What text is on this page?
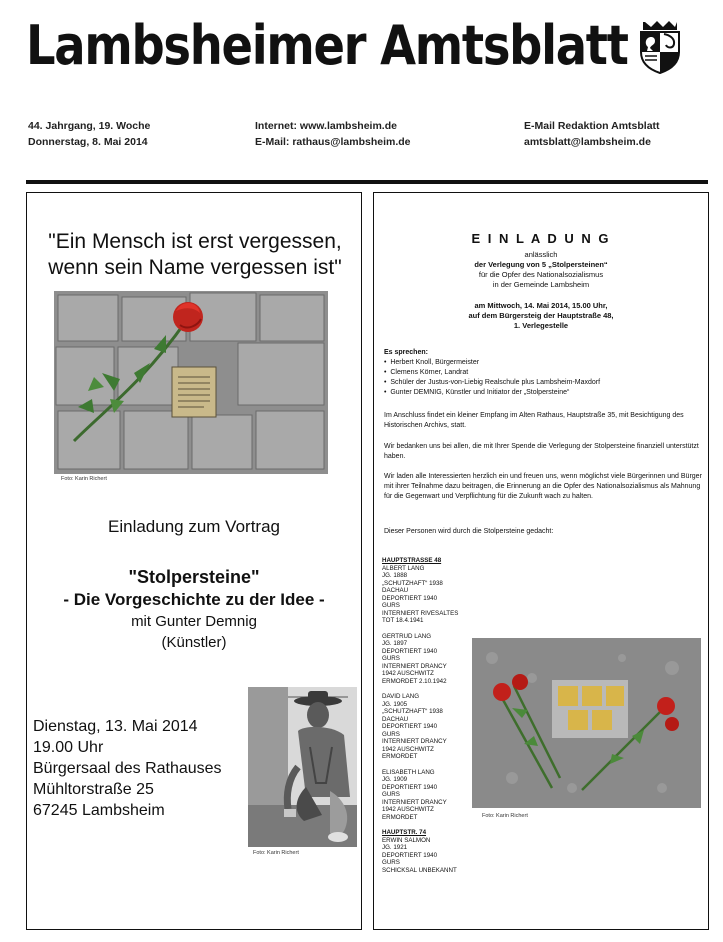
Lambsheimer Amtsblatt
44. Jahrgang, 19. Woche
Donnerstag, 8. Mai 2014
Internet: www.lambsheim.de
E-Mail: rathaus@lambsheim.de
E-Mail Redaktion Amtsblatt
amtsblatt@lambsheim.de
"Ein Mensch ist erst vergessen,
wenn sein Name vergessen ist"
Foto: Karin Richert
Einladung zum Vortrag
"Stolpersteine"
- Die Vorgeschichte zu der Idee -
mit Gunter Demnig
(Künstler)
Dienstag, 13. Mai 2014
19.00 Uhr
Bürgersaal des Rathauses
Mühltorstraße 25
67245 Lambsheim
Foto: Karin Richert
E I N L A D U N G
anlässlich
der Verlegung von 5 „Stolpersteinen“
für die Opfer des Nationalsozialismus
in der Gemeinde Lambsheim
am Mittwoch, 14. Mai 2014, 15.00 Uhr,
auf dem Bürgersteig der Hauptstraße 48,
1. Verlegestelle
Es sprechen:
•  Herbert Knoll, Bürgermeister
•  Clemens Körner, Landrat
•  Schüler der Justus-von-Liebig Realschule plus Lambsheim-Maxdorf
•  Gunter DEMNIG, Künstler und Initiator der „Stolpersteine“
Im Anschluss findet ein kleiner Empfang im Alten Rathaus, Hauptstraße 35, mit Besichtigung des Historischen Archivs, statt.
Wir bedanken uns bei allen, die mit Ihrer Spende die Verlegung der Stolpersteine finanziell unterstützt haben.
Wir laden alle Interessierten herzlich ein und freuen uns, wenn möglichst viele Bürgerinnen und Bürger mit ihrer Teilnahme dazu beitragen, die Erinnerung an die Opfer des Nationalsozialismus als Mahnung für die Gegenwart und Verpflichtung für die Zukunft wach zu halten.
Dieser Personen wird durch die Stolpersteine gedacht:
HAUPTSTRASSE 48
ALBERT LANG
JG. 1888
„SCHUTZHAFT“ 1938
DACHAU
DEPORTIERT 1940
GURS
INTERNIERT RIVESALTES
TOT 18.4.1941
GERTRUD LANG
JG. 1897
DEPORTIERT 1940
GURS
INTERNIERT DRANCY
1942 AUSCHWITZ
ERMORDET 2.10.1942
DAVID LANG
JG. 1905
„SCHUTZHAFT“ 1938
DACHAU
DEPORTIERT 1940
GURS
INTERNIERT DRANCY
1942 AUSCHWITZ
ERMORDET
ELISABETH LANG
JG. 1909
DEPORTIERT 1940
GURS
INTERNIERT DRANCY
1942 AUSCHWITZ
ERMORDET
HAUPTSTR. 74
ERWIN SALMON
JG. 1921
DEPORTIERT 1940
GURS
SCHICKSAL UNBEKANNT
Foto: Karin Richert
